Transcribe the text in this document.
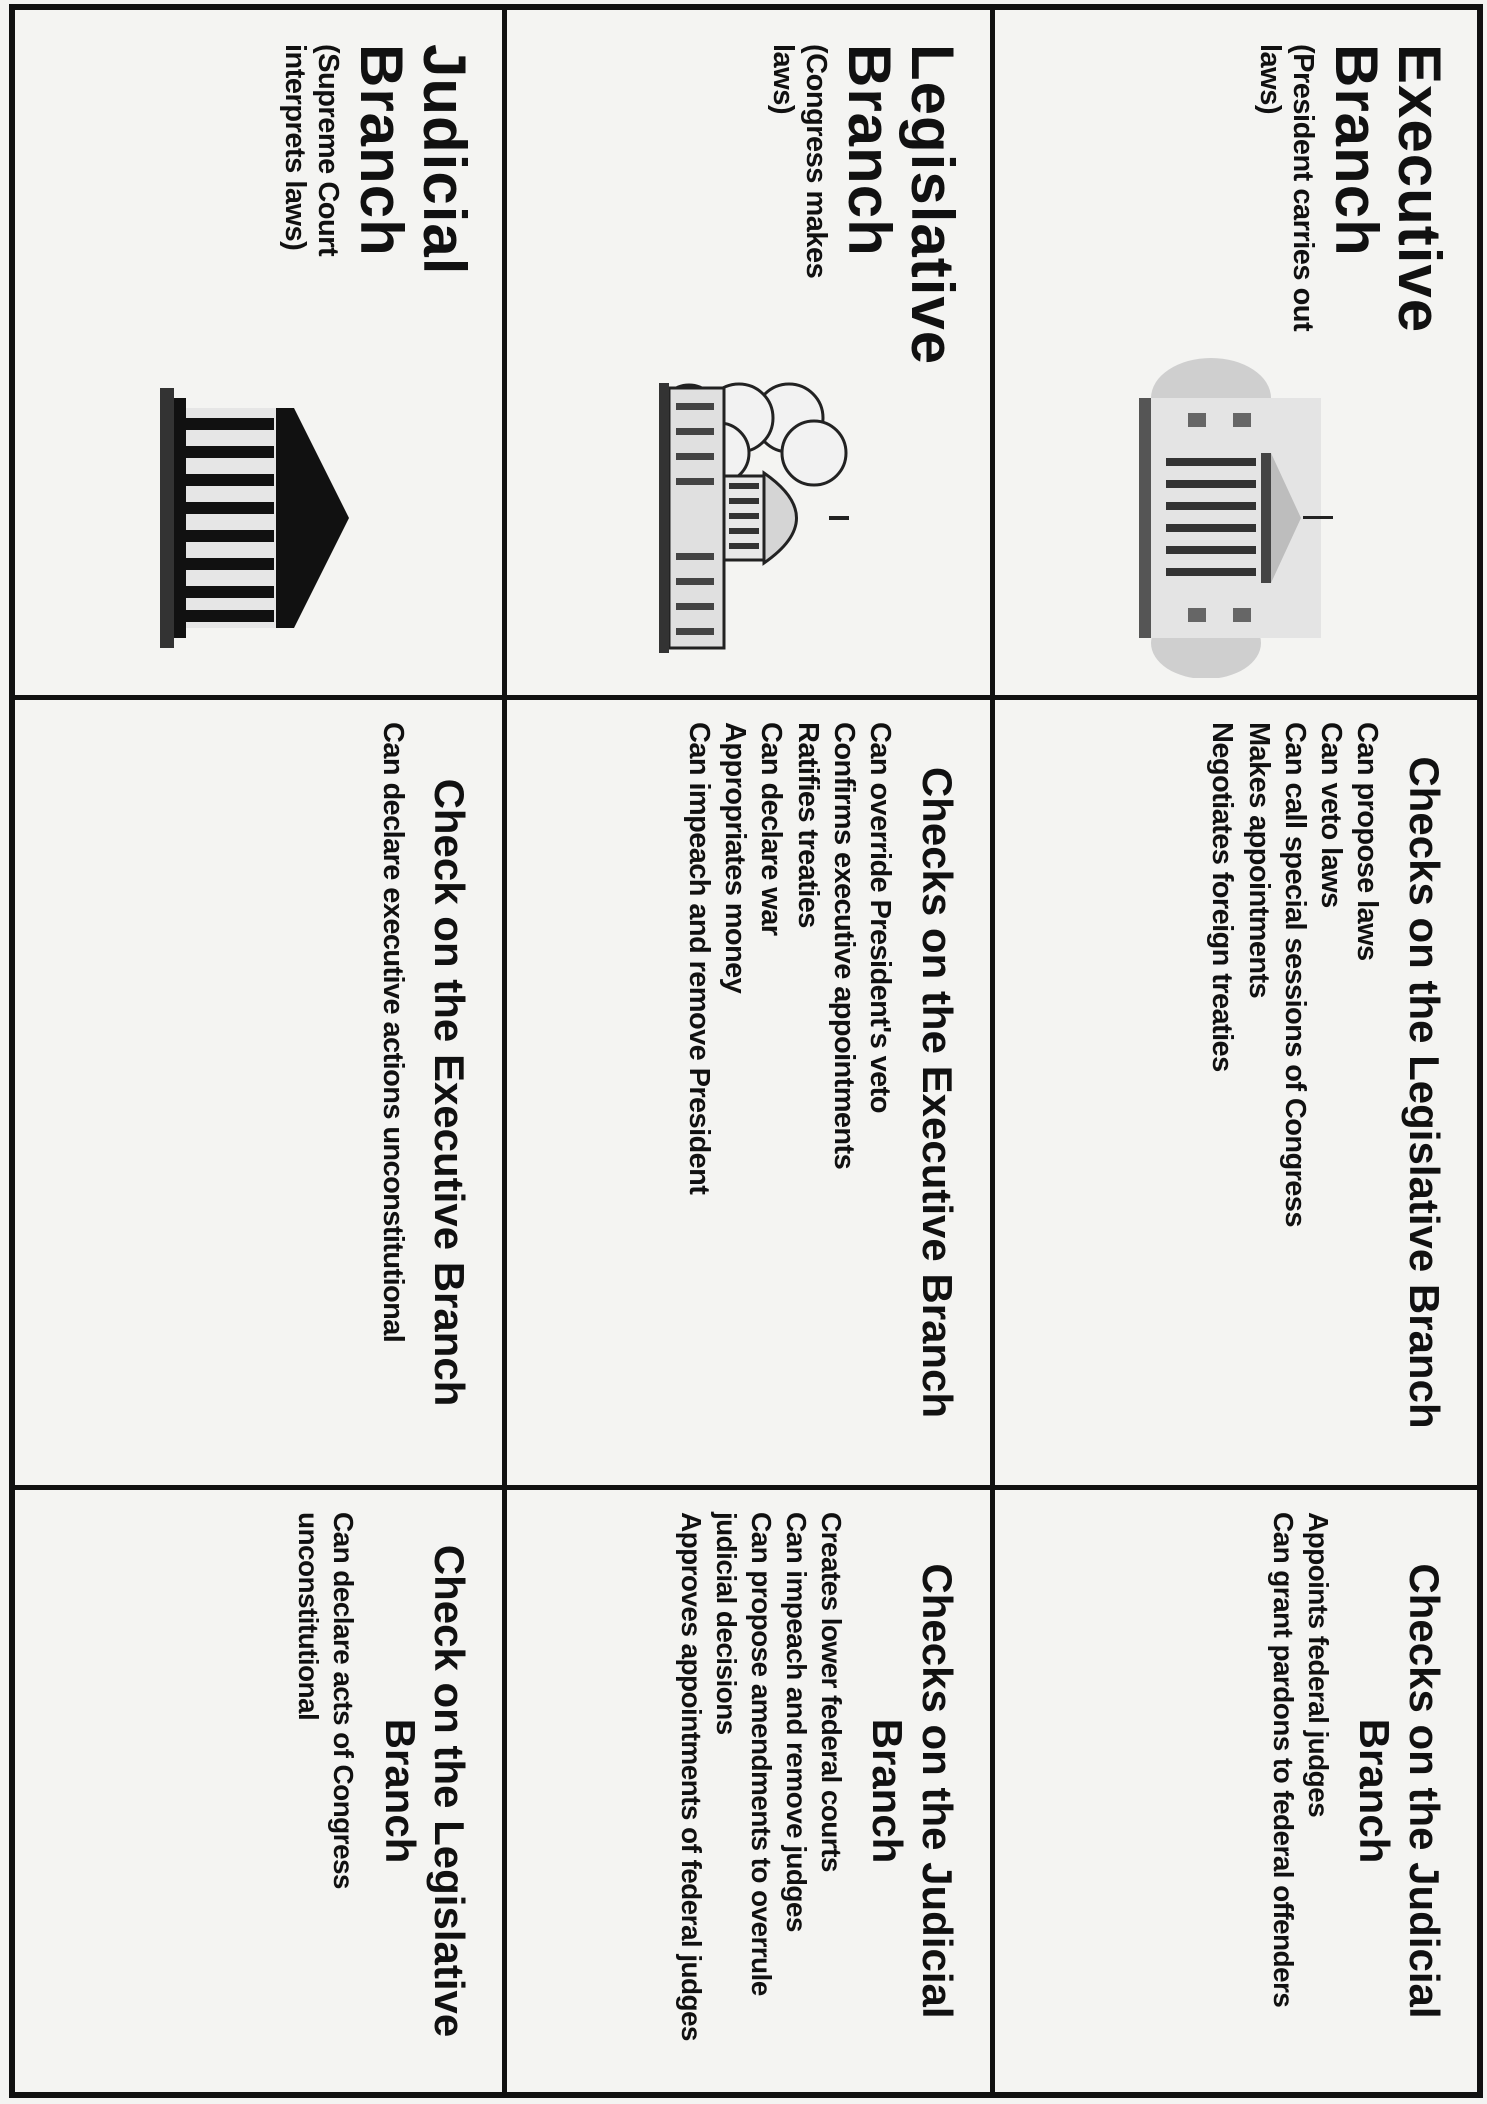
Executive Branch
(President carries out laws)
Checks on the Legislative Branch
Can propose laws
Can veto laws
Can call special sessions of Congress
Makes appointments
Negotiates foreign treaties
Checks on the Judicial Branch
Appoints federal judges
Can grant pardons to federal offenders
Legislative Branch
(Congress makes laws)
Checks on the Executive Branch
Can override President's veto
Confirms executive appointments
Ratifies treaties
Can declare war
Appropriates money
Can impeach and remove President
Checks on the Judicial Branch
Creates lower federal courts
Can impeach and remove judges
Can propose amendments to overrule judicial decisions
Approves appointments of federal judges
Judicial Branch
(Supreme Court interprets laws)
Check on the Executive Branch
Can declare executive actions unconstitutional
Check on the Legislative Branch
Can declare acts of Congress unconstitutional
